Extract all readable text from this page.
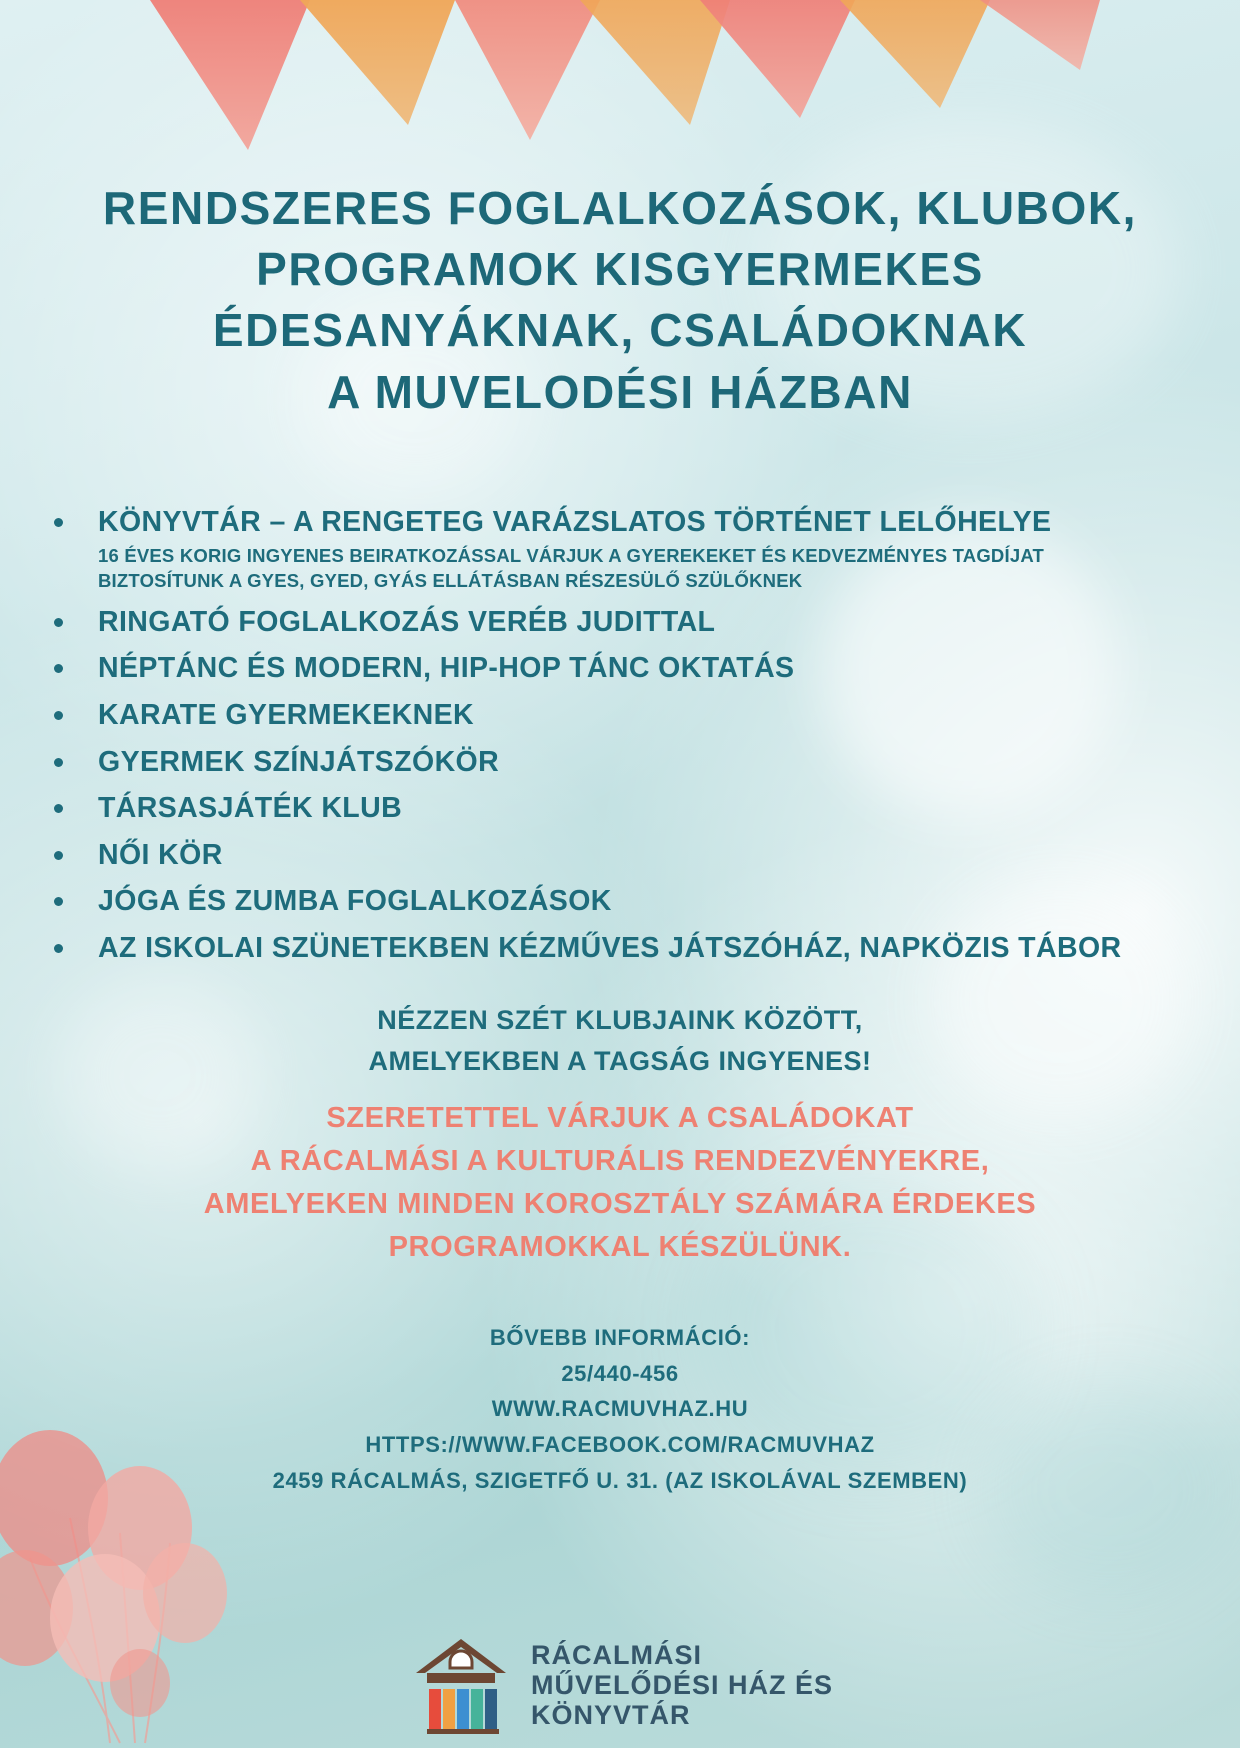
RENDSZERES FOGLALKOZÁSOK, KLUBOK,
PROGRAMOK KISGYERMEKES
ÉDESANYÁKNAK, CSALÁDOKNAK
A MUVELODÉSI HÁZBAN
KÖNYVTÁR – A RENGETEG VARÁZSLATOS TÖRTÉNET LELŐHELYE
16 ÉVES KORIG INGYENES BEIRATKOZÁSSAL VÁRJUK A GYEREKEKET ÉS KEDVEZMÉNYES TAGDÍJAT BIZTOSÍTUNK A GYES, GYED, GYÁS ELLÁTÁSBAN RÉSZESÜLŐ SZÜLŐKNEK
RINGATÓ FOGLALKOZÁS VERÉB JUDITTAL
NÉPTÁNC ÉS MODERN, HIP-HOP TÁNC OKTATÁS
KARATE GYERMEKEKNEK
GYERMEK SZÍNJÁTSZÓKÖR
TÁRSASJÁTÉK KLUB
NŐI KÖR
JÓGA ÉS ZUMBA FOGLALKOZÁSOK
AZ ISKOLAI SZÜNETEKBEN KÉZMŰVES JÁTSZÓHÁZ, NAPKÖZIS TÁBOR
NÉZZEN SZÉT KLUBJAINK KÖZÖTT,
AMELYEKBEN A TAGSÁG INGYENES!
SZERETETTEL VÁRJUK A CSALÁDOKAT
A RÁCALMÁSI A KULTURÁLIS RENDEZVÉNYEKRE,
AMELYEKEN MINDEN KOROSZTÁLY SZÁMÁRA ÉRDEKES
PROGRAMOKKAL KÉSZÜLÜNK.
BŐVEBB INFORMÁCIÓ:
25/440-456
WWW.RACMUVHAZ.HU
HTTPS://WWW.FACEBOOK.COM/RACMUVHAZ
2459 RÁCALMÁS, SZIGETFŐ U. 31. (AZ ISKOLÁVAL SZEMBEN)
RÁCALMÁSI
MŰVELŐDÉSI HÁZ ÉS KÖNYVTÁR
